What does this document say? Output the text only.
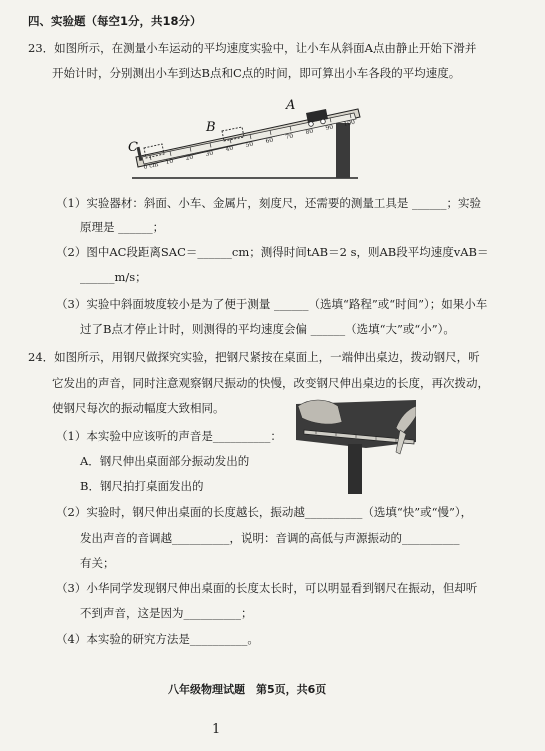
四、实验题（每空1分，共18分）
23．如图所示，在测量小车运动的平均速度实验中，让小车从斜面A点由静止开始下滑并
开始计时，分别测出小车到达B点和C点的时间，即可算出小车各段的平均速度。
0 cm 10 20 30
40 50 60 70
80 90 100
A
B
C
（1）实验器材：斜面、小车、金属片，刻度尺，还需要的测量工具是 ______；实验
原理是 ______；
（2）图中AC段距离SAC＝______cm；测得时间tAB＝2 s，则AB段平均速度vAB＝
______m/s；
（3）实验中斜面坡度较小是为了便于测量 ______（选填“路程”或“时间”）；如果小车
过了B点才停止计时，则测得的平均速度会偏 ______（选填“大”或“小”）。
24．如图所示，用钢尺做探究实验，把钢尺紧按在桌面上，一端伸出桌边，拨动钢尺，听
它发出的声音，同时注意观察钢尺振动的快慢，改变钢尺伸出桌边的长度，再次拨动，
使钢尺每次的振动幅度大致相同。
（1）本实验中应该听的声音是__________：
A．钢尺伸出桌面部分振动发出的
B．钢尺拍打桌面发出的
（2）实验时，钢尺伸出桌面的长度越长，振动越__________（选填“快”或“慢”），
发出声音的音调越__________，说明：音调的高低与声源振动的__________
有关；
（3）小华同学发现钢尺伸出桌面的长度太长时，可以明显看到钢尺在振动，但却听
不到声音，这是因为__________；
（4）本实验的研究方法是__________。
八年级物理试题　第5页，共6页
1
